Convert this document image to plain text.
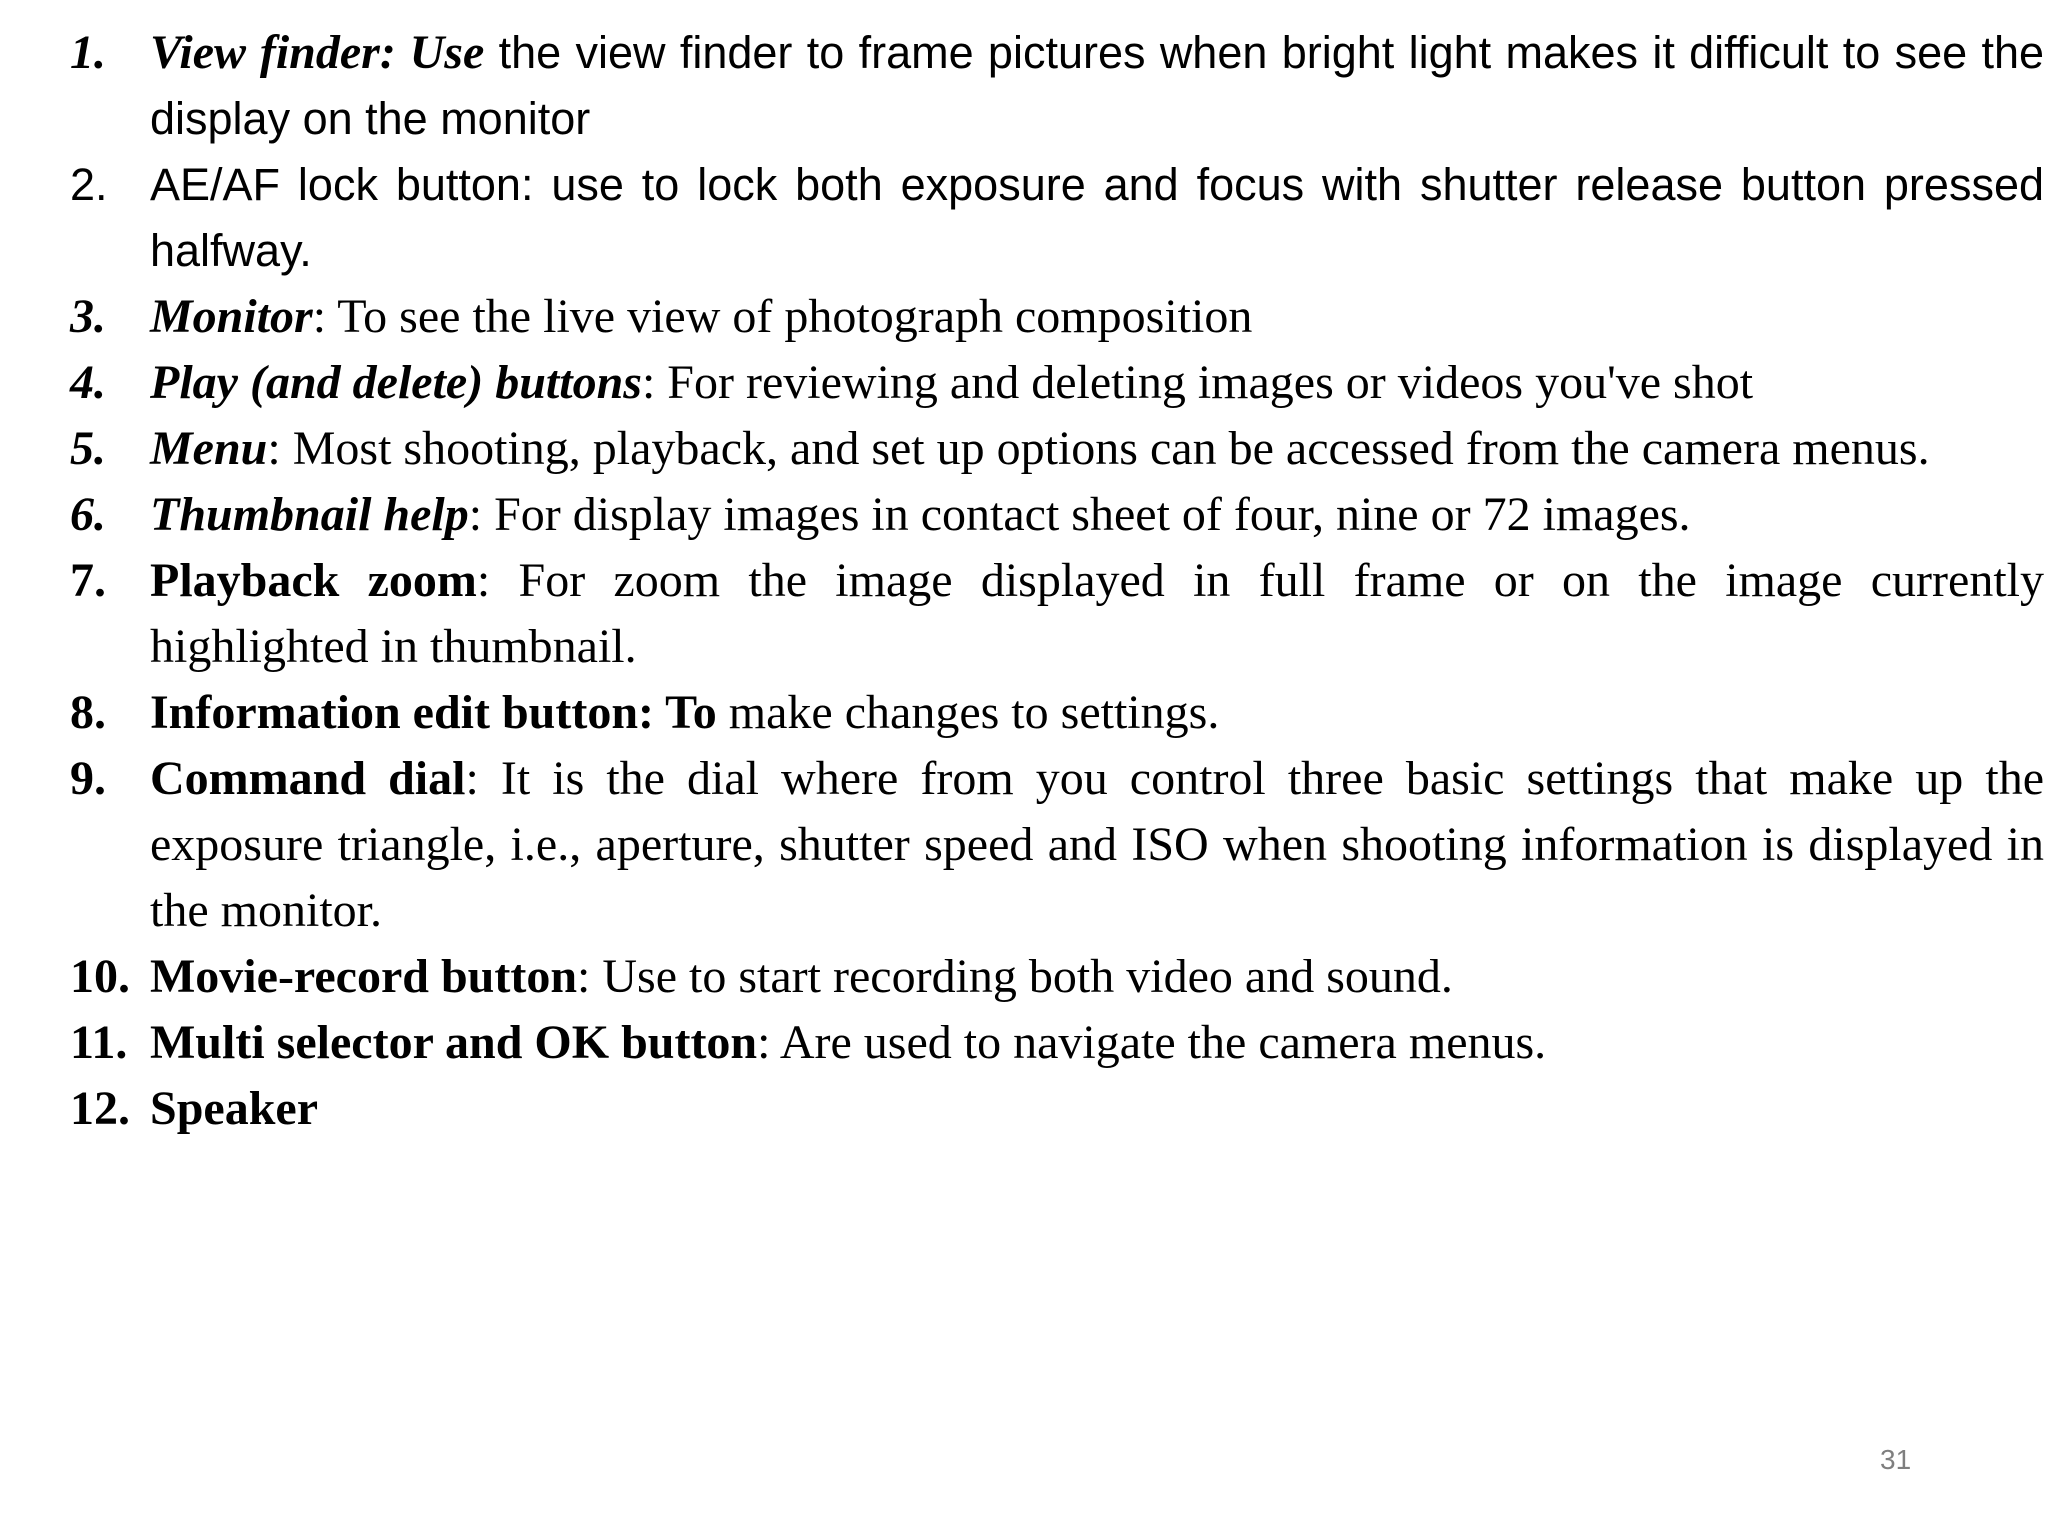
1. View finder: Use the view finder to frame pictures when bright light makes it difficult to see the display on the monitor
2. AE/AF lock button: use to lock both exposure and focus with shutter release button pressed halfway.
3. Monitor: To see the live view of photograph composition
4. Play (and delete) buttons: For reviewing and deleting images or videos you've shot
5. Menu: Most shooting, playback, and set up options can be accessed from the camera menus.
6. Thumbnail help: For display images in contact sheet of four, nine or 72 images.
7. Playback zoom: For zoom the image displayed in full frame or on the image currently highlighted in thumbnail.
8. Information edit button: To make changes to settings.
9. Command dial: It is the dial where from you control three basic settings that make up the exposure triangle, i.e., aperture, shutter speed and ISO when shooting information is displayed in the monitor.
10. Movie-record button: Use to start recording both video and sound.
11. Multi selector and OK button: Are used to navigate the camera menus.
12. Speaker
31
